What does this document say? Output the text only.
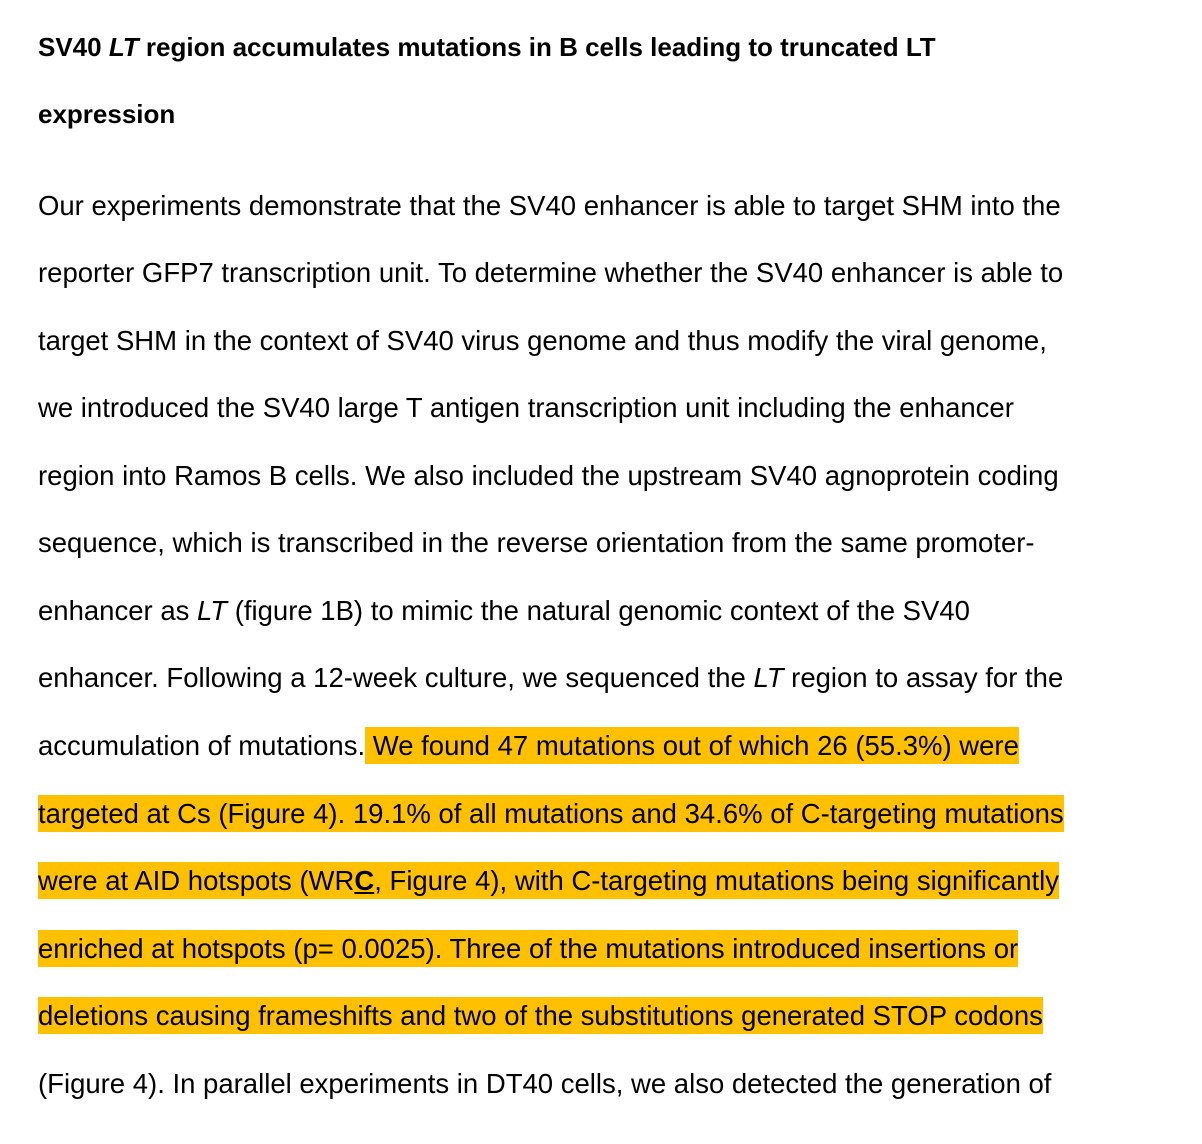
SV40 LT region accumulates mutations in B cells leading to truncated LT
expression
Our experiments demonstrate that the SV40 enhancer is able to target SHM into the
reporter GFP7 transcription unit. To determine whether the SV40 enhancer is able to
target SHM in the context of SV40 virus genome and thus modify the viral genome,
we introduced the SV40 large T antigen transcription unit including the enhancer
region into Ramos B cells. We also included the upstream SV40 agnoprotein coding
sequence, which is transcribed in the reverse orientation from the same promoter-
enhancer as LT (figure 1B) to mimic the natural genomic context of the SV40
enhancer. Following a 12-week culture, we sequenced the LT region to assay for the
accumulation of mutations. We found 47 mutations out of which 26 (55.3%) were
targeted at Cs (Figure 4). 19.1% of all mutations and 34.6% of C-targeting mutations
were at AID hotspots (WRC, Figure 4), with C-targeting mutations being significantly
enriched at hotspots (p= 0.0025). Three of the mutations introduced insertions or
deletions causing frameshifts and two of the substitutions generated STOP codons
(Figure 4). In parallel experiments in DT40 cells, we also detected the generation of
